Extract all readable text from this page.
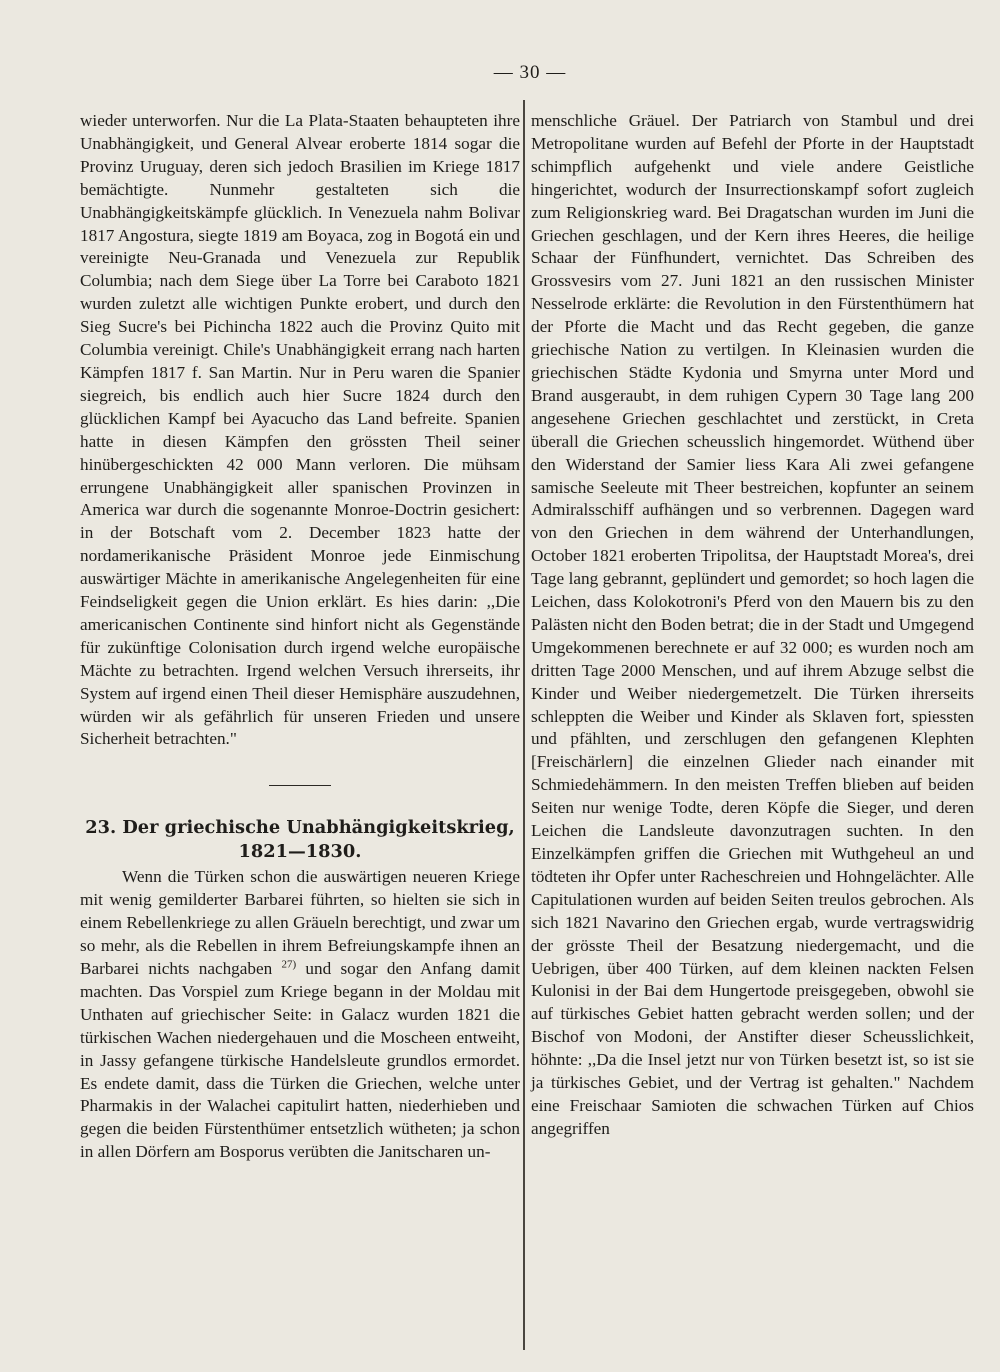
— 30 —

wieder unterworfen. Nur die La Plata-Staaten behaupteten ihre Unabhängigkeit, und General Alvear eroberte 1814 sogar die Provinz Uruguay, deren sich jedoch Brasilien im Kriege 1817 bemächtigte. Nunmehr gestalteten sich die Unabhängigkeitskämpfe glücklich. In Venezuela nahm Bolivar 1817 Angostura, siegte 1819 am Boyaca, zog in Bogotá ein und vereinigte Neu-Granada und Venezuela zur Republik Columbia; nach dem Siege über La Torre bei Caraboto 1821 wurden zuletzt alle wichtigen Punkte erobert, und durch den Sieg Sucre's bei Pichincha 1822 auch die Provinz Quito mit Columbia vereinigt. Chile's Unabhängigkeit errang nach harten Kämpfen 1817 f. San Martin. Nur in Peru waren die Spanier siegreich, bis endlich auch hier Sucre 1824 durch den glücklichen Kampf bei Ayacucho das Land befreite. Spanien hatte in diesen Kämpfen den grössten Theil seiner hinübergeschickten 42 000 Mann verloren. Die mühsam errungene Unabhängigkeit aller spanischen Provinzen in America war durch die sogenannte Monroe-Doctrin gesichert: in der Botschaft vom 2. December 1823 hatte der nordamerikanische Präsident Monroe jede Einmischung auswärtiger Mächte in amerikanische Angelegenheiten für eine Feindseligkeit gegen die Union erklärt. Es hies darin: ,,Die americanischen Continente sind hinfort nicht als Gegenstände für zukünftige Colonisation durch irgend welche europäische Mächte zu betrachten. Irgend welchen Versuch ihrerseits, ihr System auf irgend einen Theil dieser Hemisphäre auszudehnen, würden wir als gefährlich für unseren Frieden und unsere Sicherheit betrachten."

23. Der griechische Unabhängigkeitskrieg,
1821—1830.

Wenn die Türken schon die auswärtigen neueren Kriege mit wenig gemilderter Barbarei führten, so hielten sie sich in einem Rebellenkriege zu allen Gräueln berechtigt, und zwar um so mehr, als die Rebellen in ihrem Befreiungskampfe ihnen an Barbarei nichts nachgaben $^{27)}$ und sogar den Anfang damit machten. Das Vorspiel zum Kriege begann in der Moldau mit Unthaten auf griechischer Seite: in Galacz wurden 1821 die türkischen Wachen niedergehauen und die Moscheen entweiht, in Jassy gefangene türkische Handelsleute grundlos ermordet. Es endete damit, dass die Türken die Griechen, welche unter Pharmakis in der Walachei capitulirt hatten, niederhieben und gegen die beiden Fürstenthümer entsetzlich wütheten; ja schon in allen Dörfern am Bosporus verübten die Janitscharen un-

menschliche Gräuel. Der Patriarch von Stambul und drei Metropolitane wurden auf Befehl der Pforte in der Hauptstadt schimpflich aufgehenkt und viele andere Geistliche hingerichtet, wodurch der Insurrectionskampf sofort zugleich zum Religionskrieg ward. Bei Dragatschan wurden im Juni die Griechen geschlagen, und der Kern ihres Heeres, die heilige Schaar der Fünfhundert, vernichtet. Das Schreiben des Grossvesirs vom 27. Juni 1821 an den russischen Minister Nesselrode erklärte: die Revolution in den Fürstenthümern hat der Pforte die Macht und das Recht gegeben, die ganze griechische Nation zu vertilgen. In Kleinasien wurden die griechischen Städte Kydonia und Smyrna unter Mord und Brand ausgeraubt, in dem ruhigen Cypern 30 Tage lang 200 angesehene Griechen geschlachtet und zerstückt, in Creta überall die Griechen scheusslich hingemordet. Wüthend über den Widerstand der Samier liess Kara Ali zwei gefangene samische Seeleute mit Theer bestreichen, kopfunter an seinem Admiralsschiff aufhängen und so verbrennen. Dagegen ward von den Griechen in dem während der Unterhandlungen, October 1821 eroberten Tripolitsa, der Hauptstadt Morea's, drei Tage lang gebrannt, geplündert und gemordet; so hoch lagen die Leichen, dass Kolokotroni's Pferd von den Mauern bis zu den Palästen nicht den Boden betrat; die in der Stadt und Umgegend Umgekommenen berechnete er auf 32 000; es wurden noch am dritten Tage 2000 Menschen, und auf ihrem Abzuge selbst die Kinder und Weiber niedergemetzelt. Die Türken ihrerseits schleppten die Weiber und Kinder als Sklaven fort, spiessten und pfählten, und zerschlugen den gefangenen Klephten [Freischärlern] die einzelnen Glieder nach einander mit Schmiedehämmern. In den meisten Treffen blieben auf beiden Seiten nur wenige Todte, deren Köpfe die Sieger, und deren Leichen die Landsleute davonzutragen suchten. In den Einzelkämpfen griffen die Griechen mit Wuthgeheul an und tödteten ihr Opfer unter Racheschreien und Hohngelächter. Alle Capitulationen wurden auf beiden Seiten treulos gebrochen. Als sich 1821 Navarino den Griechen ergab, wurde vertragswidrig der grösste Theil der Besatzung niedergemacht, und die Uebrigen, über 400 Türken, auf dem kleinen nackten Felsen Kulonisi in der Bai dem Hungertode preisgegeben, obwohl sie auf türkisches Gebiet hatten gebracht werden sollen; und der Bischof von Modoni, der Anstifter dieser Scheusslichkeit, höhnte: ,,Da die Insel jetzt nur von Türken besetzt ist, so ist sie ja türkisches Gebiet, und der Vertrag ist gehalten." Nachdem eine Freischaar Samioten die schwachen Türken auf Chios angegriffen
